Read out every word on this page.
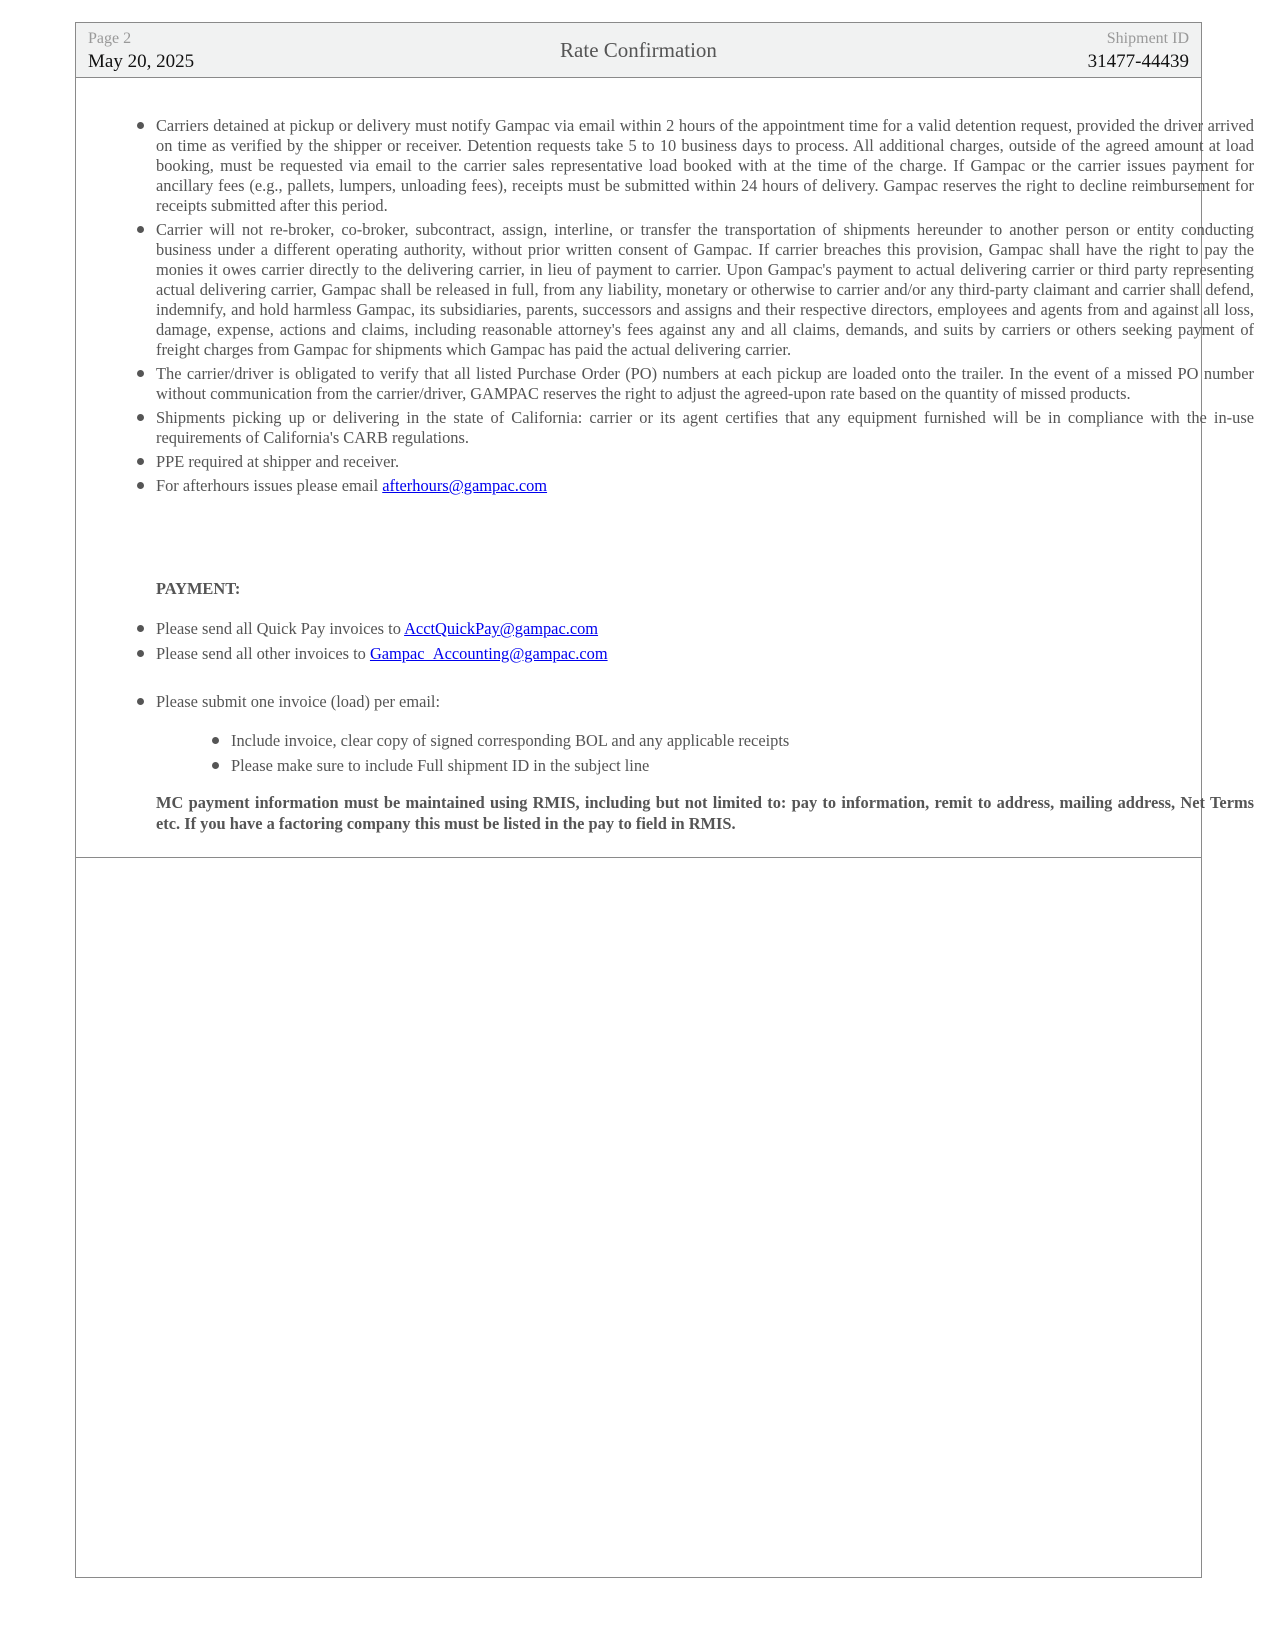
Page 2
May 20, 2025	Rate Confirmation	Shipment ID
31477-44439
Carriers detained at pickup or delivery must notify Gampac via email within 2 hours of the appointment time for a valid detention request, provided the driver arrived on time as verified by the shipper or receiver. Detention requests take 5 to 10 business days to process. All additional charges, outside of the agreed amount at load booking, must be requested via email to the carrier sales representative load booked with at the time of the charge. If Gampac or the carrier issues payment for ancillary fees (e.g., pallets, lumpers, unloading fees), receipts must be submitted within 24 hours of delivery. Gampac reserves the right to decline reimbursement for receipts submitted after this period.
Carrier will not re-broker, co-broker, subcontract, assign, interline, or transfer the transportation of shipments hereunder to another person or entity conducting business under a different operating authority, without prior written consent of Gampac. If carrier breaches this provision, Gampac shall have the right to pay the monies it owes carrier directly to the delivering carrier, in lieu of payment to carrier. Upon Gampac's payment to actual delivering carrier or third party representing actual delivering carrier, Gampac shall be released in full, from any liability, monetary or otherwise to carrier and/or any third-party claimant and carrier shall defend, indemnify, and hold harmless Gampac, its subsidiaries, parents, successors and assigns and their respective directors, employees and agents from and against all loss, damage, expense, actions and claims, including reasonable attorney's fees against any and all claims, demands, and suits by carriers or others seeking payment of freight charges from Gampac for shipments which Gampac has paid the actual delivering carrier.
The carrier/driver is obligated to verify that all listed Purchase Order (PO) numbers at each pickup are loaded onto the trailer. In the event of a missed PO number without communication from the carrier/driver, GAMPAC reserves the right to adjust the agreed-upon rate based on the quantity of missed products.
Shipments picking up or delivering in the state of California: carrier or its agent certifies that any equipment furnished will be in compliance with the in-use requirements of California's CARB regulations.
PPE required at shipper and receiver.
For afterhours issues please email afterhours@gampac.com
PAYMENT:
Please send all Quick Pay invoices to AcctQuickPay@gampac.com
Please send all other invoices to Gampac_Accounting@gampac.com
Please submit one invoice (load) per email:
Include invoice, clear copy of signed corresponding BOL and any applicable receipts
Please make sure to include Full shipment ID in the subject line
MC payment information must be maintained using RMIS, including but not limited to: pay to information, remit to address, mailing address, Net Terms etc. If you have a factoring company this must be listed in the pay to field in RMIS.
